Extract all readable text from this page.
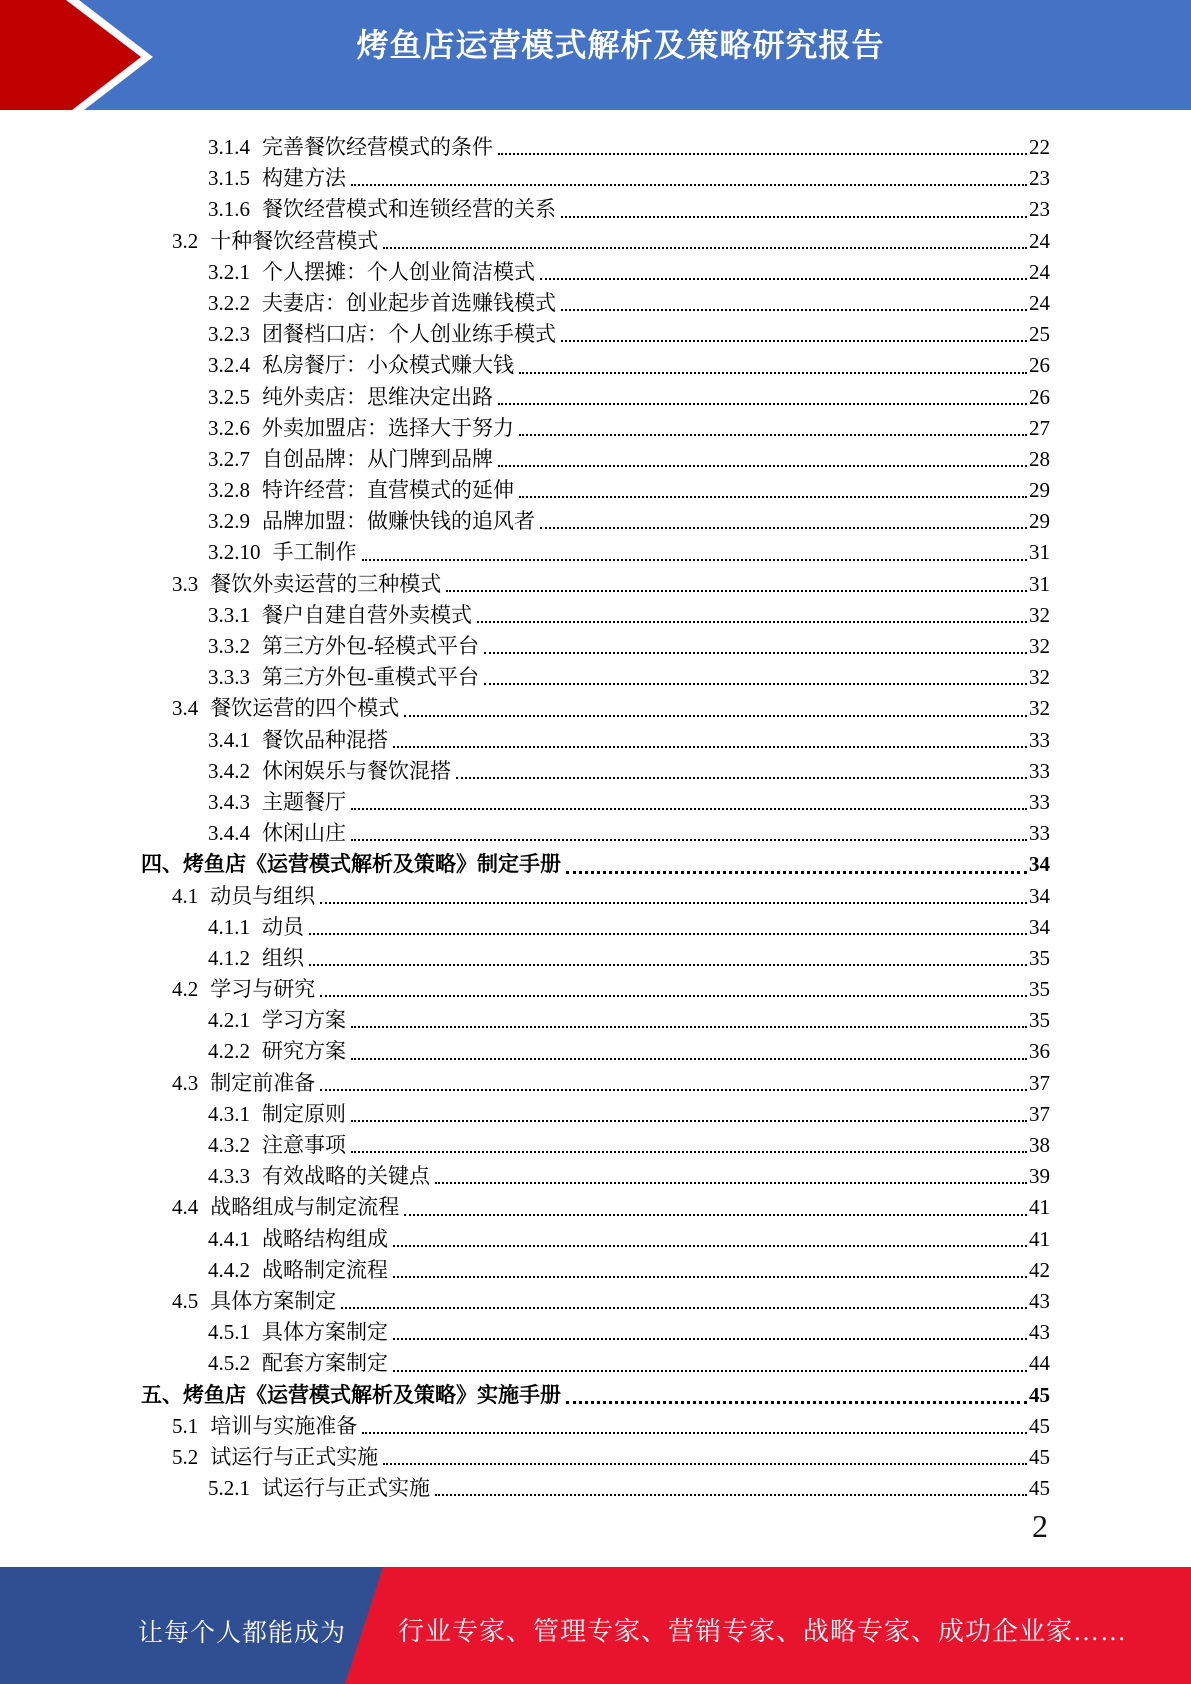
烤鱼店运营模式解析及策略研究报告
3.1.4 完善餐饮经营模式的条件	22
3.1.5 构建方法	23
3.1.6 餐饮经营模式和连锁经营的关系	23
3.2 十种餐饮经营模式	24
3.2.1 个人摆摊：个人创业简洁模式	24
3.2.2 夫妻店：创业起步首选赚钱模式	24
3.2.3 团餐档口店：个人创业练手模式	25
3.2.4 私房餐厅：小众模式赚大钱	26
3.2.5 纯外卖店：思维决定出路	26
3.2.6 外卖加盟店：选择大于努力	27
3.2.7 自创品牌：从门牌到品牌	28
3.2.8 特许经营：直营模式的延伸	29
3.2.9 品牌加盟：做赚快钱的追风者	29
3.2.10 手工制作	31
3.3 餐饮外卖运营的三种模式	31
3.3.1 餐户自建自营外卖模式	32
3.3.2 第三方外包-轻模式平台	32
3.3.3 第三方外包-重模式平台	32
3.4 餐饮运营的四个模式	32
3.4.1 餐饮品种混搭	33
3.4.2 休闲娱乐与餐饮混搭	33
3.4.3 主题餐厅	33
3.4.4 休闲山庄	33
四、 烤鱼店《运营模式解析及策略》制定手册	34
4.1 动员与组织	34
4.1.1 动员	34
4.1.2 组织	35
4.2 学习与研究	35
4.2.1 学习方案	35
4.2.2 研究方案	36
4.3 制定前准备	37
4.3.1 制定原则	37
4.3.2 注意事项	38
4.3.3 有效战略的关键点	39
4.4 战略组成与制定流程	41
4.4.1 战略结构组成	41
4.4.2 战略制定流程	42
4.5 具体方案制定	43
4.5.1 具体方案制定	43
4.5.2 配套方案制定	44
五、 烤鱼店《运营模式解析及策略》实施手册	45
5.1 培训与实施准备	45
5.2 试运行与正式实施	45
5.2.1 试运行与正式实施	45
2
让每个人都能成为 行业专家、管理专家、营销专家、战略专家、成功企业家……
